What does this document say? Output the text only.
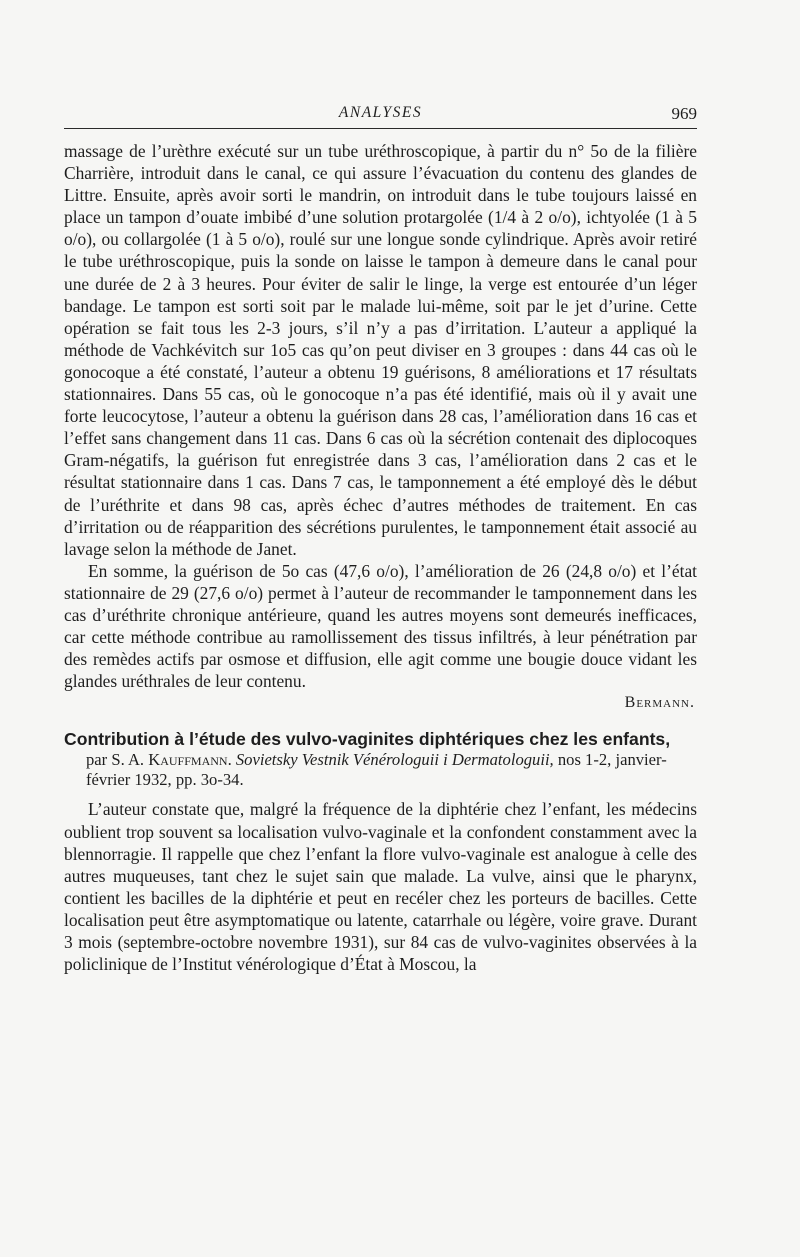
ANALYSES	969

massage de l’urèthre exécuté sur un tube uréthroscopique, à partir du n° 5o de la filière Charrière, introduit dans le canal, ce qui assure l’évacuation du contenu des glandes de Littre. Ensuite, après avoir sorti le mandrin, on introduit dans le tube toujours laissé en place un tampon d’ouate imbibé d’une solution protargolée (1/4 à 2 o/o), ichtyolée (1 à 5 o/o), ou collargolée (1 à 5 o/o), roulé sur une longue sonde cylindrique. Après avoir retiré le tube uréthroscopique, puis la sonde on laisse le tampon à demeure dans le canal pour une durée de 2 à 3 heures. Pour éviter de salir le linge, la verge est entourée d’un léger bandage. Le tampon est sorti soit par le malade lui-même, soit par le jet d’urine. Cette opération se fait tous les 2-3 jours, s’il n’y a pas d’irritation. L’auteur a appliqué la méthode de Vachkévitch sur 1o5 cas qu’on peut diviser en 3 groupes : dans 44 cas où le gonocoque a été constaté, l’auteur a obtenu 19 guérisons, 8 améliorations et 17 résultats stationnaires. Dans 55 cas, où le gonocoque n’a pas été identifié, mais où il y avait une forte leucocytose, l’auteur a obtenu la guérison dans 28 cas, l’amélioration dans 16 cas et l’effet sans changement dans 11 cas. Dans 6 cas où la sécrétion contenait des diplocoques Gram-négatifs, la guérison fut enregistrée dans 3 cas, l’amélioration dans 2 cas et le résultat stationnaire dans 1 cas. Dans 7 cas, le tamponnement a été employé dès le début de l’uréthrite et dans 98 cas, après échec d’autres méthodes de traitement. En cas d’irritation ou de réapparition des sécrétions purulentes, le tamponnement était associé au lavage selon la méthode de Janet.

En somme, la guérison de 5o cas (47,6 o/o), l’amélioration de 26 (24,8 o/o) et l’état stationnaire de 29 (27,6 o/o) permet à l’auteur de recommander le tamponnement dans les cas d’uréthrite chronique antérieure, quand les autres moyens sont demeurés inefficaces, car cette méthode contribue au ramollissement des tissus infiltrés, à leur pénétration par des remèdes actifs par osmose et diffusion, elle agit comme une bougie douce vidant les glandes uréthrales de leur contenu.

Bermann.

Contribution à l’étude des vulvo-vaginites diphtériques chez les enfants,
par S. A. Kauffmann. Sovietsky Vestnik Vénérologuii i Dermatologuii, nos 1-2, janvier-février 1932, pp. 3o-34.

L’auteur constate que, malgré la fréquence de la diphtérie chez l’enfant, les médecins oublient trop souvent sa localisation vulvo-vaginale et la confondent constamment avec la blennorragie. Il rappelle que chez l’enfant la flore vulvo-vaginale est analogue à celle des autres muqueuses, tant chez le sujet sain que malade. La vulve, ainsi que le pharynx, contient les bacilles de la diphtérie et peut en recéler chez les porteurs de bacilles. Cette localisation peut être asymptomatique ou latente, catarrhale ou légère, voire grave. Durant 3 mois (septembre-octobre novembre 1931), sur 84 cas de vulvo-vaginites observées à la policlinique de l’Institut vénérologique d’État à Moscou, la
